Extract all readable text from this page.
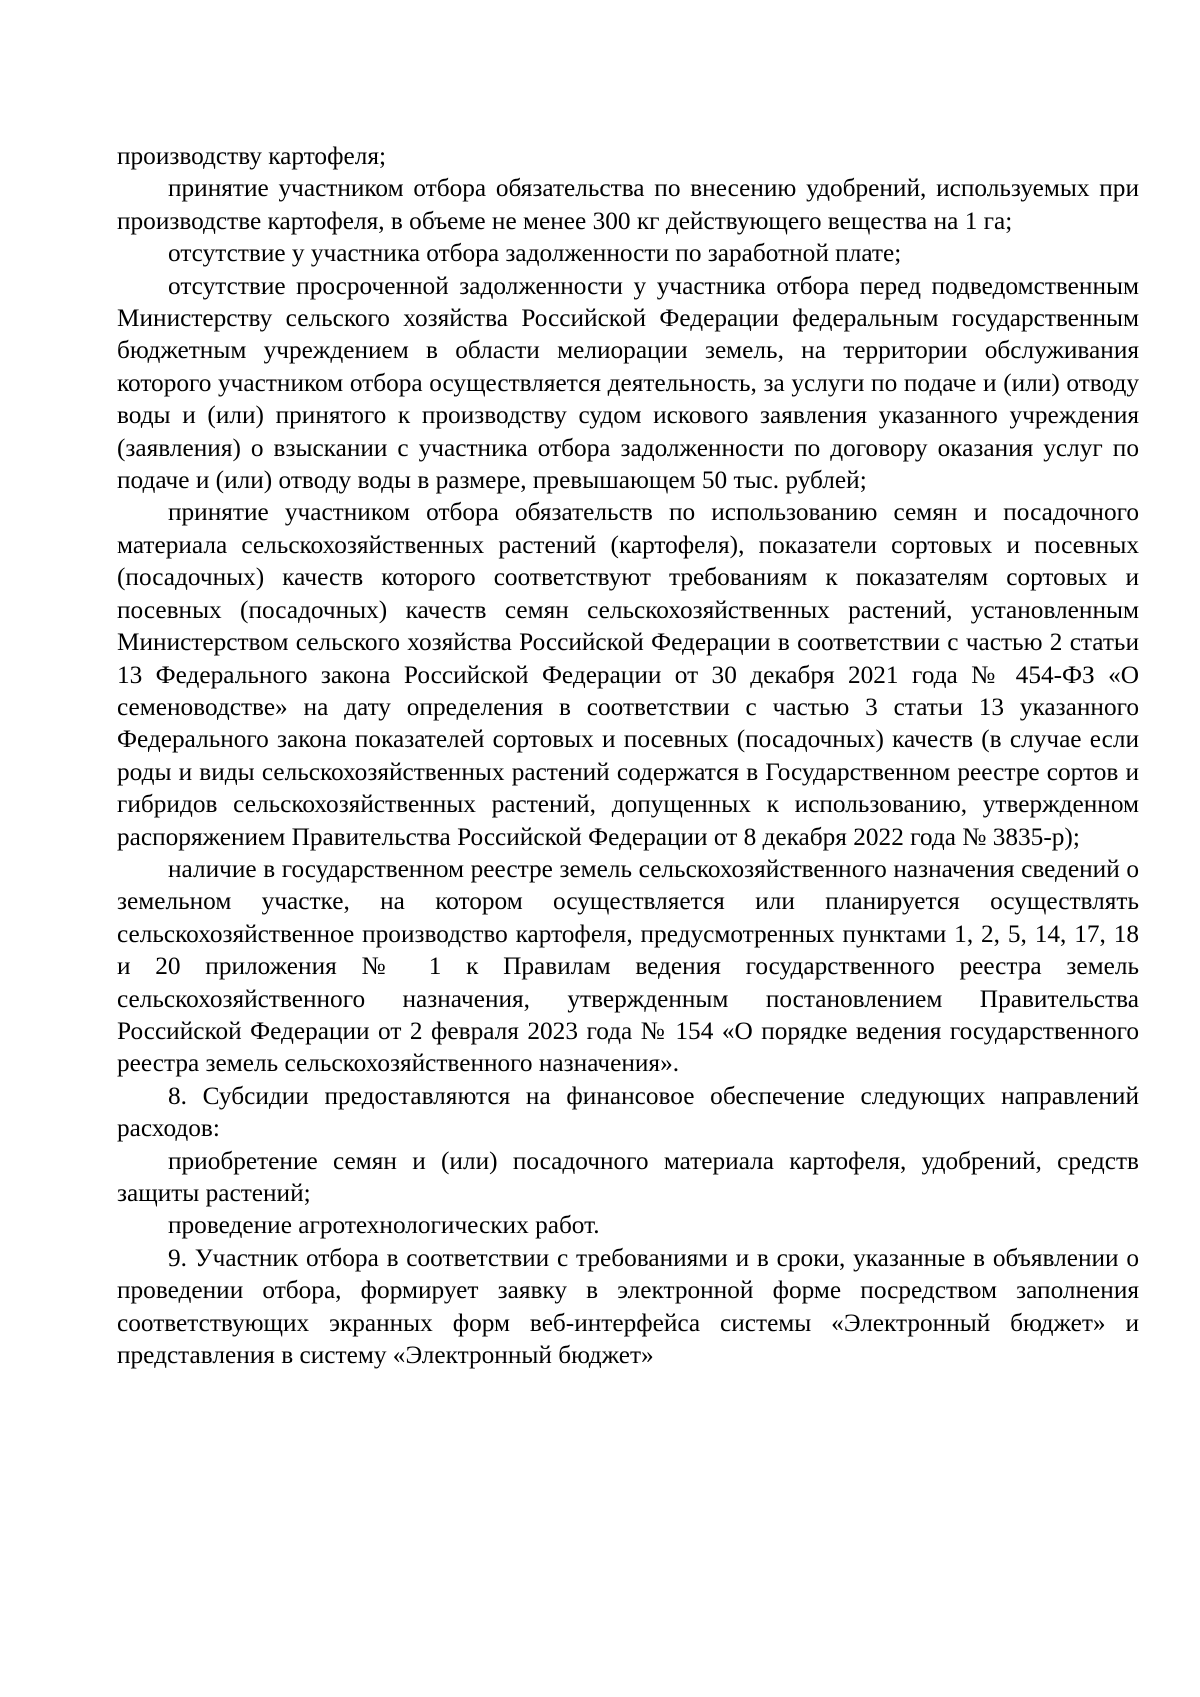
производству картофеля;

принятие участником отбора обязательства по внесению удобрений, используемых при производстве картофеля, в объеме не менее 300 кг действующего вещества на 1 га;

отсутствие у участника отбора задолженности по заработной плате;

отсутствие просроченной задолженности у участника отбора перед подведомственным Министерству сельского хозяйства Российской Федерации федеральным государственным бюджетным учреждением в области мелиорации земель, на территории обслуживания которого участником отбора осуществляется деятельность, за услуги по подаче и (или) отводу воды и (или) принятого к производству судом искового заявления указанного учреждения (заявления) о взыскании с участника отбора задолженности по договору оказания услуг по подаче и (или) отводу воды в размере, превышающем 50 тыс. рублей;

принятие участником отбора обязательств по использованию семян и посадочного материала сельскохозяйственных растений (картофеля), показатели сортовых и посевных (посадочных) качеств которого соответствуют требованиям к показателям сортовых и посевных (посадочных) качеств семян сельскохозяйственных растений, установленным Министерством сельского хозяйства Российской Федерации в соответствии с частью 2 статьи 13 Федерального закона Российской Федерации от 30 декабря 2021 года № 454-ФЗ «О семеноводстве» на дату определения в соответствии с частью 3 статьи 13 указанного Федерального закона показателей сортовых и посевных (посадочных) качеств (в случае если роды и виды сельскохозяйственных растений содержатся в Государственном реестре сортов и гибридов сельскохозяйственных растений, допущенных к использованию, утвержденном распоряжением Правительства Российской Федерации от 8 декабря 2022 года № 3835-р);

наличие в государственном реестре земель сельскохозяйственного назначения сведений о земельном участке, на котором осуществляется или планируется осуществлять сельскохозяйственное производство картофеля, предусмотренных пунктами 1, 2, 5, 14, 17, 18 и 20 приложения № 1 к Правилам ведения государственного реестра земель сельскохозяйственного назначения, утвержденным постановлением Правительства Российской Федерации от 2 февраля 2023 года № 154 «О порядке ведения государственного реестра земель сельскохозяйственного назначения».

8. Субсидии предоставляются на финансовое обеспечение следующих направлений расходов:

приобретение семян и (или) посадочного материала картофеля, удобрений, средств защиты растений;

проведение агротехнологических работ.

9. Участник отбора в соответствии с требованиями и в сроки, указанные в объявлении о проведении отбора, формирует заявку в электронной форме посредством заполнения соответствующих экранных форм веб-интерфейса системы «Электронный бюджет» и представления в систему «Электронный бюджет»
